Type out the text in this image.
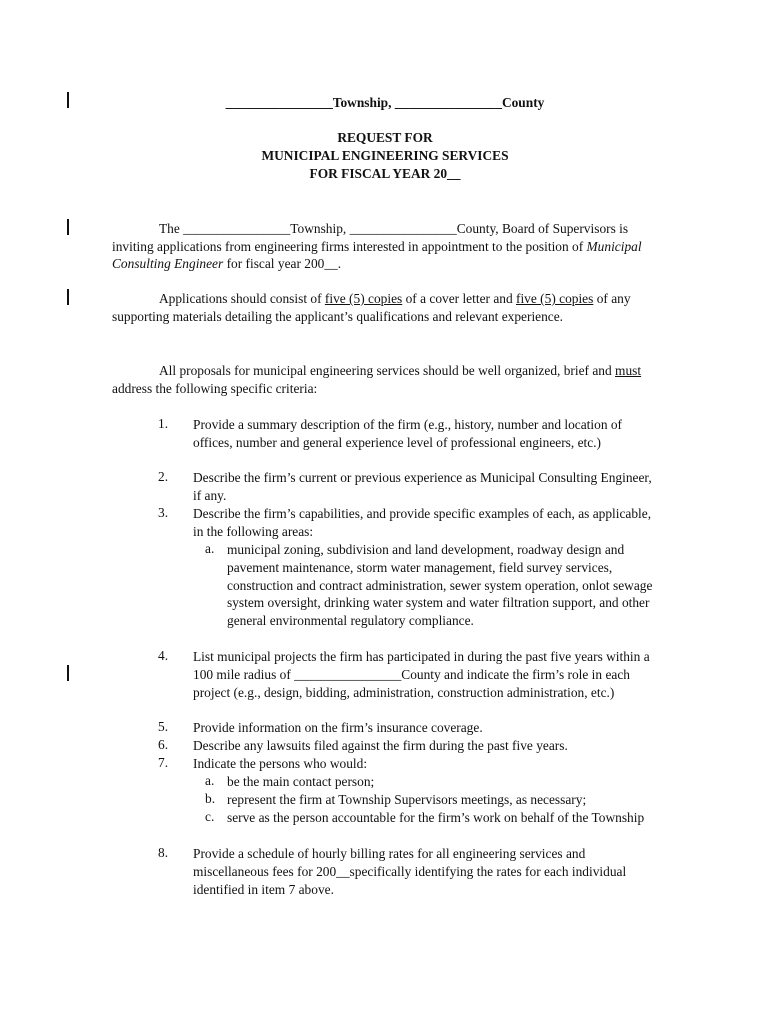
________________Township, ________________County
REQUEST FOR
MUNICIPAL ENGINEERING SERVICES
FOR FISCAL YEAR 20__
The ________________Township, ________________County, Board of Supervisors is inviting applications from engineering firms interested in appointment to the position of Municipal Consulting Engineer for fiscal year 200__.
Applications should consist of five (5) copies of a cover letter and five (5) copies of any supporting materials detailing the applicant’s qualifications and relevant experience.
All proposals for municipal engineering services should be well organized, brief and must address the following specific criteria:
1. Provide a summary description of the firm (e.g., history, number and location of offices, number and general experience level of professional engineers, etc.)
2. Describe the firm’s current or previous experience as Municipal Consulting Engineer, if any.
3. Describe the firm’s capabilities, and provide specific examples of each, as applicable, in the following areas:
a. municipal zoning, subdivision and land development, roadway design and pavement maintenance, storm water management, field survey services, construction and contract administration, sewer system operation, onlot sewage system oversight, drinking water system and water filtration support, and other general environmental regulatory compliance.
4. List municipal projects the firm has participated in during the past five years within a 100 mile radius of ________________County and indicate the firm’s role in each project (e.g., design, bidding, administration, construction administration, etc.)
5. Provide information on the firm’s insurance coverage.
6. Describe any lawsuits filed against the firm during the past five years.
7. Indicate the persons who would:
a. be the main contact person;
b. represent the firm at Township Supervisors meetings, as necessary;
c. serve as the person accountable for the firm’s work on behalf of the Township
8. Provide a schedule of hourly billing rates for all engineering services and miscellaneous fees for 200__specifically identifying the rates for each individual identified in item 7 above.
